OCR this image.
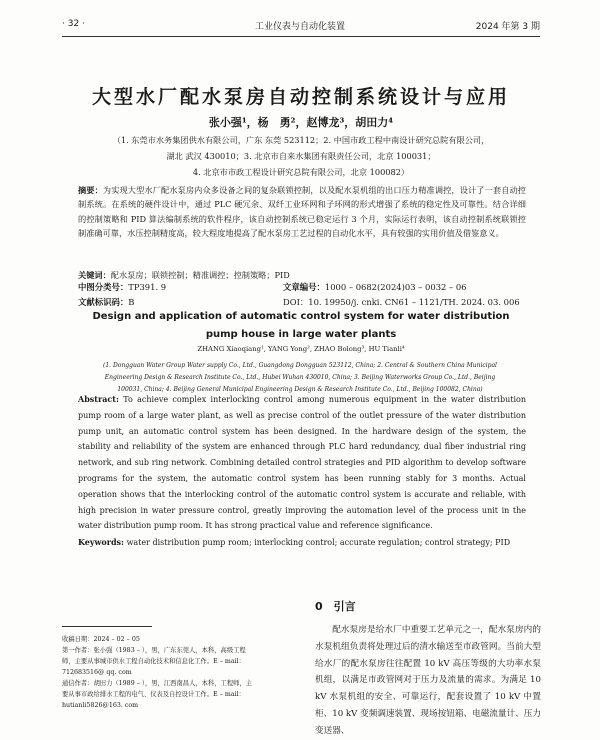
· 32 ·	工业仪表与自动化装置	2024 年第 3 期
大型水厂配水泵房自动控制系统设计与应用
张小强¹，杨　勇²，赵博龙³，胡田力⁴
（1. 东莞市水务集团供水有限公司，广东 东莞 523112；2. 中国市政工程中南设计研究总院有限公司，
湖北 武汉 430010；3. 北京市自来水集团有限责任公司，北京 100031；
4. 北京市市政工程设计研究总院有限公司，北京 100082）
摘要：为实现大型水厂配水泵房内众多设备之间的复杂联锁控制，以及配水泵机组的出口压力精准调控，设计了一套自动控制系统。在系统的硬件设计中，通过 PLC 硬冗余、双纤工业环网和子环网的形式增强了系统的稳定性及可靠性。结合详细的控制策略和 PID 算法编制系统的软件程序，该自动控制系统已稳定运行 3 个月，实际运行表明，该自动控制系统联锁控制准确可靠，水压控制精度高，较大程度地提高了配水泵房工艺过程的自动化水平，具有较强的实用价值及借鉴意义。
关键词：配水泵房；联锁控制；精准调控；控制策略；PID
中图分类号：TP391. 9	文章编号：1000 – 0682(2024)03 – 0032 – 06
文献标识码：B	DOI：10. 19950/j. cnki. CN61 – 1121/TH. 2024. 03. 006
Design and application of automatic control system for water distribution
pump house in large water plants
ZHANG Xiaoqiang¹, YANG Yong², ZHAO Bolong³, HU Tianli⁴
(1. Dongguan Water Group Water supply Co., Ltd., Guangdong Dongguan 523112, China; 2. Central & Southern China Municipal
Engineering Design & Research Institute Co., Ltd., Hubei Wuhan 430010, China; 3. Beijing Waterworks Group Co., Ltd., Beijing
100031, China; 4. Beijing General Municipal Engineering Design & Research Institute Co., Ltd., Beijing 100082, China)
Abstract: To achieve complex interlocking control among numerous equipment in the water distribution pump room of a large water plant, as well as precise control of the outlet pressure of the water distribution pump unit, an automatic control system has been designed. In the hardware design of the system, the stability and reliability of the system are enhanced through PLC hard redundancy, dual fiber industrial ring network, and sub ring network. Combining detailed control strategies and PID algorithm to develop software programs for the system, the automatic control system has been running stably for 3 months. Actual operation shows that the interlocking control of the automatic control system is accurate and reliable, with high precision in water pressure control, greatly improving the automation level of the process unit in the water distribution pump room. It has strong practical value and reference significance.
Keywords: water distribution pump room; interlocking control; accurate regulation; control strategy; PID
0　引言
配水泵房是给水厂中重要工艺单元之一，配水泵房内的水泵机组负责将处理过后的清水输送至市政管网。当前大型给水厂的配水泵房往往配置 10 kV 高压等级的大功率水泵机组，以满足市政管网对于压力及流量的需求。为满足 10 kV 水泵机组的安全、可靠运行，配套设置了 10 kV 中置柜、10 kV 变频调速装置、现场按钮箱、电磁流量计、压力变送器、
收稿日期：2024 – 02 – 05
第一作者：张小强（1983 – ），男，广东东莞人，本科，高级工程师，主要从事城市供水工程自动化技术和信息化工作。E – mail：712683516@ qq. com
通信作者：胡田力（1989 – ），男，江西南昌人，本科，工程师，主要从事市政给排水工程的电气、仪表及自控设计工作。E – mail：hutianli5826@163. com
